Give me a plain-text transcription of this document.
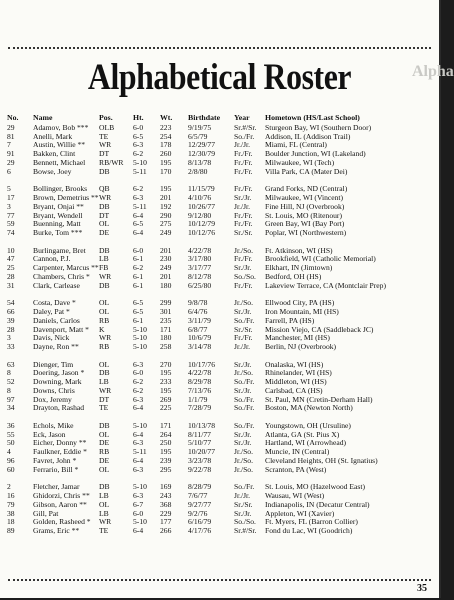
Alphabetical Roster	Alpha
No.	Name	Pos.	Ht.	Wt.	Birthdate	Year	Hometown (HS/Last School)
29	Adamov, Bob ***	OLB	6-0	223	9/19/75	Sr.#/Sr.	Sturgeon Bay, WI (Southern Door)
81	Anelli, Mark	TE	6-5	254	6/5/79	So./Fr.	Addison, IL (Addison Trail)
7	Austin, Willie **	WR	6-3	178	12/29/77	Jr./Jr.	Miami, FL (Central)
91	Bakken, Clint	DT	6-2	260	12/30/79	Fr./Fr.	Boulder Junction, WI (Lakeland)
29	Bennett, Michael	RB/WR	5-10	195	8/13/78	Fr./Fr.	Milwaukee, WI (Tech)
6	Bowse, Joey	DB	5-11	170	2/8/80	Fr./Fr.	Villa Park, CA (Mater Dei)

5	Bollinger, Brooks	QB	6-2	195	11/15/79	Fr./Fr.	Grand Forks, ND (Central)
17	Brown, Demetrius **	WR	6-3	201	4/10/76	Sr./Jr.	Milwaukee, WI (Vincent)
3	Bryant, Onjai **	DB	5-11	192	10/26/77	Jr./Jr.	Fine Hill, NJ (Overbrook)
77	Bryant, Wendell	DT	6-4	290	9/12/80	Fr./Fr.	St. Louis, MO (Ritenour)
59	Buenning, Matt	OL	6-5	275	10/12/79	Fr./Fr.	Green Bay, WI (Bay Port)
74	Burke, Tom ***	DE	6-4	249	10/12/76	Sr./Sr.	Poplar, WI (Northwestern)

10	Burlingame, Bret	DB	6-0	201	4/22/78	Jr./So.	Ft. Atkinson, WI (HS)
47	Cannon, P.J.	LB	6-1	230	3/17/80	Fr./Fr.	Brookfield, WI (Catholic Memorial)
25	Carpenter, Marcus **	FB	6-2	249	3/17/77	Sr./Jr.	Elkhart, IN (Jimtown)
28	Chambers, Chris *	WR	6-1	201	8/12/78	So./So.	Bedford, OH (HS)
31	Clark, Carlease	DB	6-1	180	6/25/80	Fr./Fr.	Lakeview Terrace, CA (Montclair Prep)

54	Costa, Dave *	OL	6-5	299	9/8/78	Jr./So.	Ellwood City, PA (HS)
66	Daley, Pat *	OL	6-5	301	6/4/76	Sr./Jr.	Iron Mountain, MI (HS)
39	Daniels, Carlos	RB	6-1	235	3/11/79	So./Fr.	Farrell, PA (HS)
28	Davenport, Matt *	K	5-10	171	6/8/77	Sr./Sr.	Mission Viejo, CA (Saddleback JC)
3	Davis, Nick	WR	5-10	180	10/6/79	Fr./Fr.	Manchester, MI (HS)
33	Dayne, Ron **	RB	5-10	258	3/14/78	Jr./Jr.	Berlin, NJ (Overbrook)

63	Dienger, Tim	OL	6-3	270	10/17/76	Sr./Jr.	Onalaska, WI (HS)
8	Doering, Jason *	DB	6-0	195	4/22/78	Jr./So.	Rhinelander, WI (HS)
52	Downing, Mark	LB	6-2	233	8/29/78	So./Fr.	Middleton, WI (HS)
8	Downs, Chris	WR	6-2	195	7/13/76	Sr./Jr.	Carlsbad, CA (HS)
97	Dox, Jeremy	DT	6-3	269	1/1/79	So./Fr.	St. Paul, MN (Cretin-Derham Hall)
34	Drayton, Rashad	TE	6-4	225	7/28/79	So./Fr.	Boston, MA (Newton North)

36	Echols, Mike	DB	5-10	171	10/13/78	So./Fr.	Youngstown, OH (Ursuline)
55	Eck, Jason	OL	6-4	264	8/11/77	Sr./Jr.	Atlanta, GA (St. Pius X)
50	Eicher, Donny **	DE	6-3	250	5/10/77	Sr./Jr.	Hartland, WI (Arrowhead)
4	Faulkner, Eddie *	RB	5-11	195	10/20/77	Jr./So.	Muncie, IN (Central)
96	Favret, John *	DE	6-4	239	3/23/78	Jr./So.	Cleveland Heights, OH (St. Ignatius)
60	Ferrario, Bill *	OL	6-3	295	9/22/78	Jr./So.	Scranton, PA (West)

2	Fletcher, Jamar	DB	5-10	169	8/28/79	So./Fr.	St. Louis, MO (Hazelwood East)
16	Ghidorzi, Chris **	LB	6-3	243	7/6/77	Jr./Jr.	Wausau, WI (West)
79	Gibson, Aaron **	OL	6-7	368	9/27/77	Sr./Sr.	Indianapolis, IN (Decatur Central)
38	Gill, Pat	LB	6-0	229	9/2/76	Sr./Jr.	Appleton, WI (Xavier)
18	Golden, Rasheed *	WR	5-10	177	6/16/79	So./So.	Ft. Myers, FL (Barron Collier)
89	Grams, Eric **	TE	6-4	266	4/17/76	Sr.#/Sr.	Fond du Lac, WI (Goodrich)
35
